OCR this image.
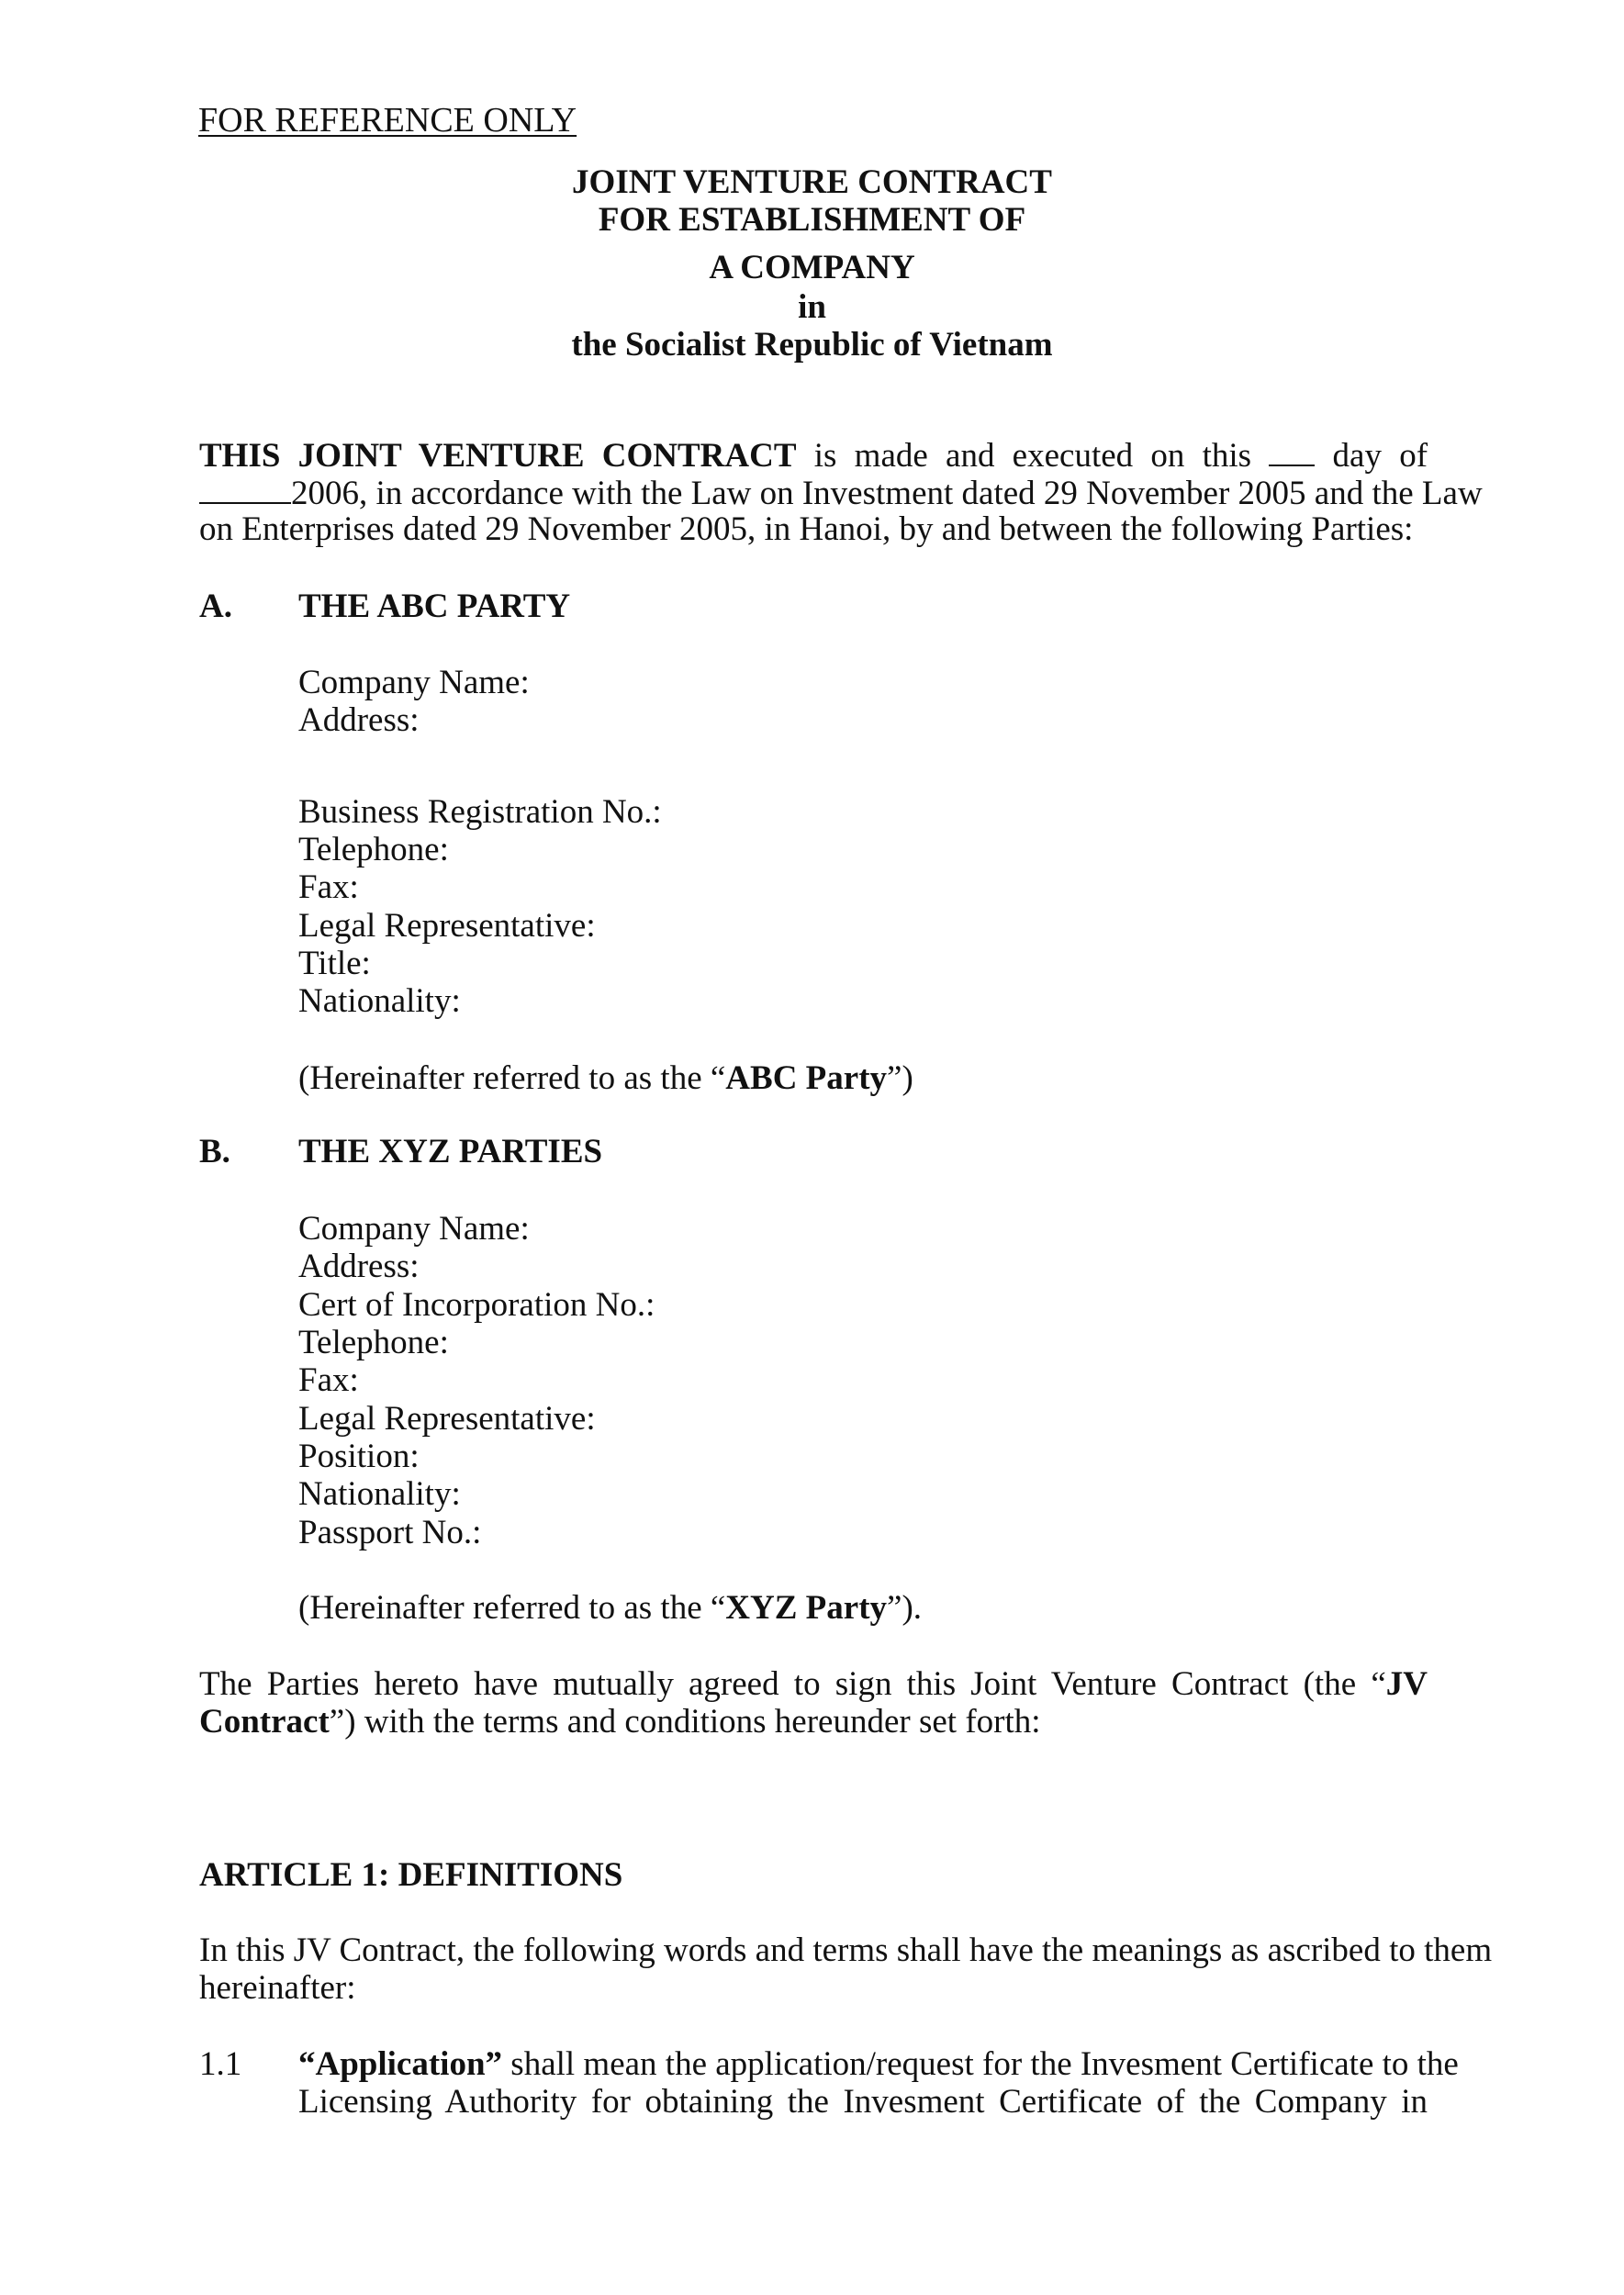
FOR REFERENCE ONLY
JOINT VENTURE CONTRACT
FOR ESTABLISHMENT OF
A COMPANY
in
the Socialist Republic of Vietnam
THIS JOINT VENTURE CONTRACT is made and executed on this day of
2006, in accordance with the Law on Investment dated 29 November 2005 and the Law
on Enterprises dated 29 November 2005, in Hanoi, by and between the following Parties:
A. THE ABC PARTY
Company Name:
Address:
Business Registration No.:
Telephone:
Fax:
Legal Representative:
Title:
Nationality:
(Hereinafter referred to as the “ABC Party”)
B. THE XYZ PARTIES
Company Name:
Address:
Cert of Incorporation No.:
Telephone:
Fax:
Legal Representative:
Position:
Nationality:
Passport No.:
(Hereinafter referred to as the “XYZ Party”).
The Parties hereto have mutually agreed to sign this Joint Venture Contract (the “JV
Contract”) with the terms and conditions hereunder set forth:
ARTICLE 1: DEFINITIONS
In this JV Contract, the following words and terms shall have the meanings as ascribed to them
hereinafter:
1.1 “Application” shall mean the application/request for the Invesment Certificate to the
Licensing Authority for obtaining the Invesment Certificate of the Company in
